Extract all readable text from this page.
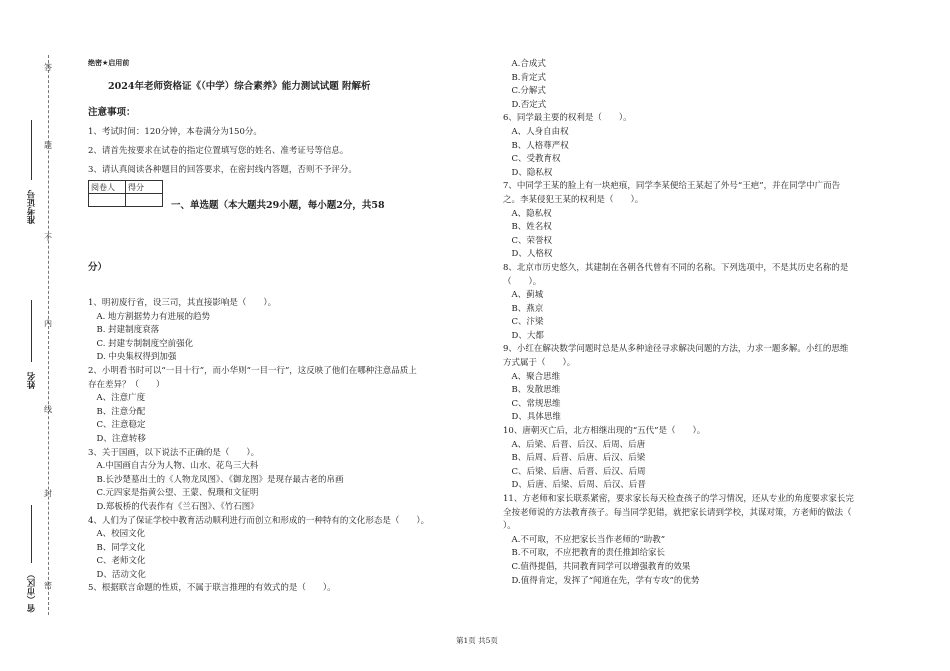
答
题
不
内
线
封
密
准考证号
姓名
省（市区）
绝密★启用前
2024年老师资格证《（中学）综合素养》能力测试试题 附解析
注意事项：
1、考试时间：120分钟，本卷满分为150分。
2、请首先按要求在试卷的指定位置填写您的姓名、准考证号等信息。
3、请认真阅读各种题目的回答要求，在密封线内答题，否则不予评分。
阅卷人	得分

一、单选题（本大题共29小题，每小题2分，共58
分）
1、明初废行省，设三司，其直接影响是（　　）。
　A. 地方割据势力有进展的趋势
　B. 封建制度衰落
　C. 封建专制制度空前强化
　D. 中央集权得到加强
2、小明看书时可以“一目十行”，而小华则“一目一行”，这反映了他们在哪种注意品质上
存在差异？（　　）
　A、注意广度
　B、注意分配
　C、注意稳定
　D、注意转移
3、关于国画，以下说法不正确的是（　　）。
　A.中国画自古分为人物、山水、花鸟三大科
　B.长沙楚墓出土的《人物龙凤图》、《御龙图》是现存最古老的帛画
　C.元四家是指黄公望、王蒙、倪瓒和文征明
　D.郑板桥的代表作有《兰石图》、《竹石图》
4、人们为了保证学校中教育活动顺利进行而创立和形成的一种特有的文化形态是（　　）。
　A、校园文化
　B、同学文化
　C、老师文化
　D、活动文化
5、根据联言命题的性质，不属于联言推理的有效式的是（　　）。
　A.合成式
　B.肯定式
　C.分解式
　D.否定式
6、同学最主要的权利是（　　）。
　A、人身自由权
　B、人格尊严权
　C、受教育权
　D、隐私权
7、中同学王某的脸上有一块疤痕，同学李某便给王某起了外号“王疤”，并在同学中广而告
之。李某侵犯王某的权利是（　　）。
　A、隐私权
　B、姓名权
　C、荣誉权
　D、人格权
8、北京市历史悠久，其建制在各朝各代曾有不同的名称。下列选项中，不是其历史名称的是
（　　）。
　A、蓟城
　B、燕京
　C、汴梁
　D、大都
9、小红在解决数学问题时总是从多种途径寻求解决问题的方法，力求一题多解。小红的思维
方式属于（　　）。
　A、聚合思维
　B、发散思维
　C、常规思维
　D、具体思维
10、唐朝灭亡后，北方相继出现的“五代”是（　　）。
　A、后梁、后晋、后汉、后周、后唐
　B、后周、后晋、后唐、后汉、后梁
　C、后梁、后唐、后晋、后汉、后周
　D、后唐、后梁、后周、后汉、后晋
11、方老师和家长联系紧密，要求家长每天检查孩子的学习情况，还从专业的角度要求家长完
全按老师说的方法教育孩子。每当同学犯错，就把家长请到学校，其谋对策，方老师的做法（
）。
　A.不可取，不应把家长当作老师的“助教”
　B.不可取，不应把教育的责任推卸给家长
　C.值得提倡，共同教育同学可以增强教育的效果
　D.值得肯定，发挥了“闻道在先，学有专攻”的优势
第1页 共5页
